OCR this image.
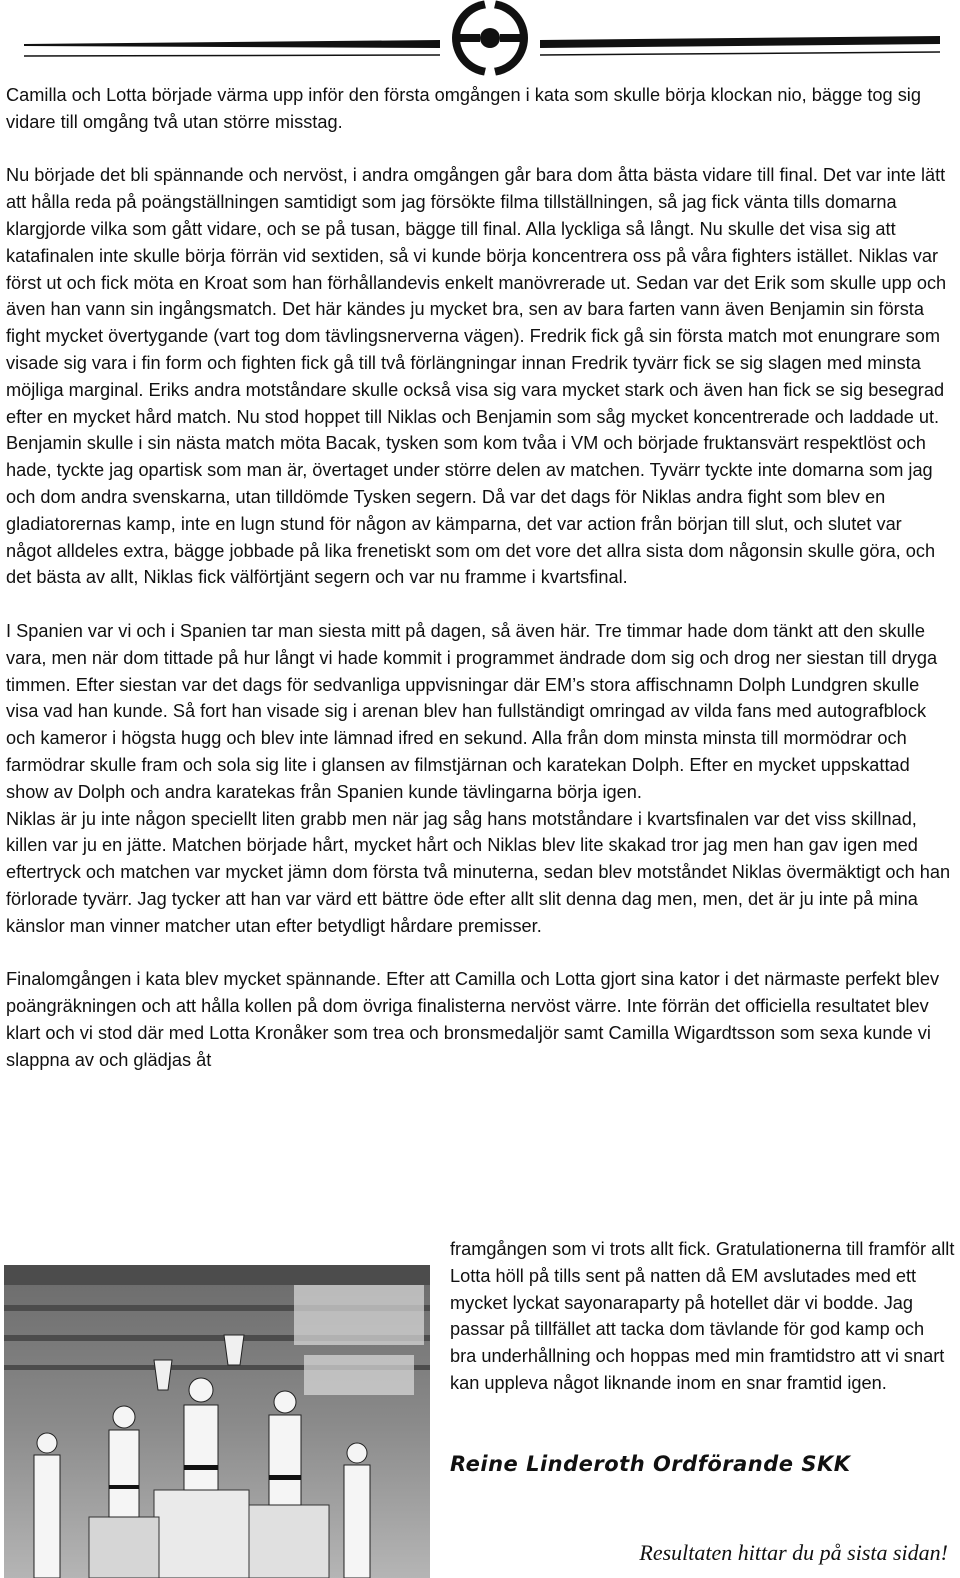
Camilla och Lotta började värma upp inför den första omgången i kata som skulle börja klockan nio, bägge tog sig vidare till omgång två utan större misstag.

Nu började det bli spännande och nervöst, i andra omgången går bara dom åtta bästa vidare till final. Det var inte lätt att hålla reda på poängställningen samtidigt som jag försökte filma tillställningen, så jag fick vänta tills domarna klargjorde vilka som gått vidare, och se på tusan, bägge till final. Alla lyckliga så långt. Nu skulle det visa sig att katafinalen inte skulle börja förrän vid sextiden, så vi kunde börja koncentrera oss på våra fighters istället. Niklas var först ut och fick möta en Kroat som han förhållandevis enkelt manövrerade ut. Sedan var det Erik som skulle upp och även han vann sin ingångsmatch. Det här kändes ju mycket bra, sen av bara farten vann även Benjamin sin första fight mycket övertygande (vart tog dom tävlingsnerverna vägen). Fredrik fick gå sin första match mot enungrare som visade sig vara i fin form och fighten fick gå till två förlängningar innan Fredrik tyvärr fick se sig slagen med minsta möjliga marginal. Eriks andra motståndare skulle också visa sig vara mycket stark och även han fick se sig besegrad efter en mycket hård match. Nu stod hoppet till Niklas och Benjamin som såg mycket koncentrerade och laddade ut. Benjamin skulle i sin nästa match möta Bacak, tysken som kom tvåa i VM och började fruktansvärt respektlöst och hade, tyckte jag opartisk som man är, övertaget under större delen av matchen. Tyvärr tyckte inte domarna som jag och dom andra svenskarna, utan tilldömde Tysken segern. Då var det dags för Niklas andra fight som blev en gladiatorernas kamp, inte en lugn stund för någon av kämparna, det var action från början till slut, och slutet var något alldeles extra, bägge jobbade på lika frenetiskt som om det vore det allra sista dom någonsin skulle göra, och det bästa av allt, Niklas fick välförtjänt segern och var nu framme i kvartsfinal.

I Spanien var vi och i Spanien tar man siesta mitt på dagen, så även här. Tre timmar hade dom tänkt att den skulle vara, men när dom tittade på hur långt vi hade kommit i programmet ändrade dom sig och drog ner siestan till dryga timmen. Efter siestan var det dags för sedvanliga uppvisningar där EM’s stora affischnamn Dolph Lundgren skulle visa vad han kunde. Så fort han visade sig i arenan blev han fullständigt omringad av vilda fans med autografblock och kameror i högsta hugg och blev inte lämnad ifred en sekund. Alla från dom minsta minsta till mormödrar och farmödrar skulle fram och sola sig lite i glansen av filmstjärnan och karatekan Dolph. Efter en mycket uppskattad show av Dolph och andra karatekas från Spanien kunde tävlingarna börja igen.

Niklas är ju inte någon speciellt liten grabb men när jag såg hans motståndare i kvartsfinalen var det viss skillnad, killen var ju en jätte. Matchen började hårt, mycket hårt och Niklas blev lite skakad tror jag men han gav igen med eftertryck och matchen var mycket jämn dom första två minuterna, sedan blev motståndet Niklas övermäktigt och han förlorade tyvärr. Jag tycker att han var värd ett bättre öde efter allt slit denna dag men, men, det är ju inte på mina känslor man vinner matcher utan efter betydligt hårdare premisser.

Finalomgången i kata blev mycket spännande. Efter att Camilla och Lotta gjort sina kator i det närmaste perfekt blev poängräkningen och att hålla kollen på dom övriga finalisterna nervöst värre. Inte förrän det officiella resultatet blev klart och vi stod där med Lotta Kronåker som trea och bronsmedaljör samt Camilla Wigardtsson som sexa kunde vi slappna av och glädjas åt

framgången som vi trots allt fick. Gratulationerna till framför allt Lotta höll på tills sent på natten då EM avslutades med ett mycket lyckat sayonaraparty på hotellet där vi bodde. Jag passar på tillfället att tacka dom tävlande för god kamp och bra underhållning och hoppas med min framtidstro att vi snart kan uppleva något liknande inom en snar framtid igen.
Reine Linderoth Ordförande SKK
Resultaten hittar du på sista sidan!
